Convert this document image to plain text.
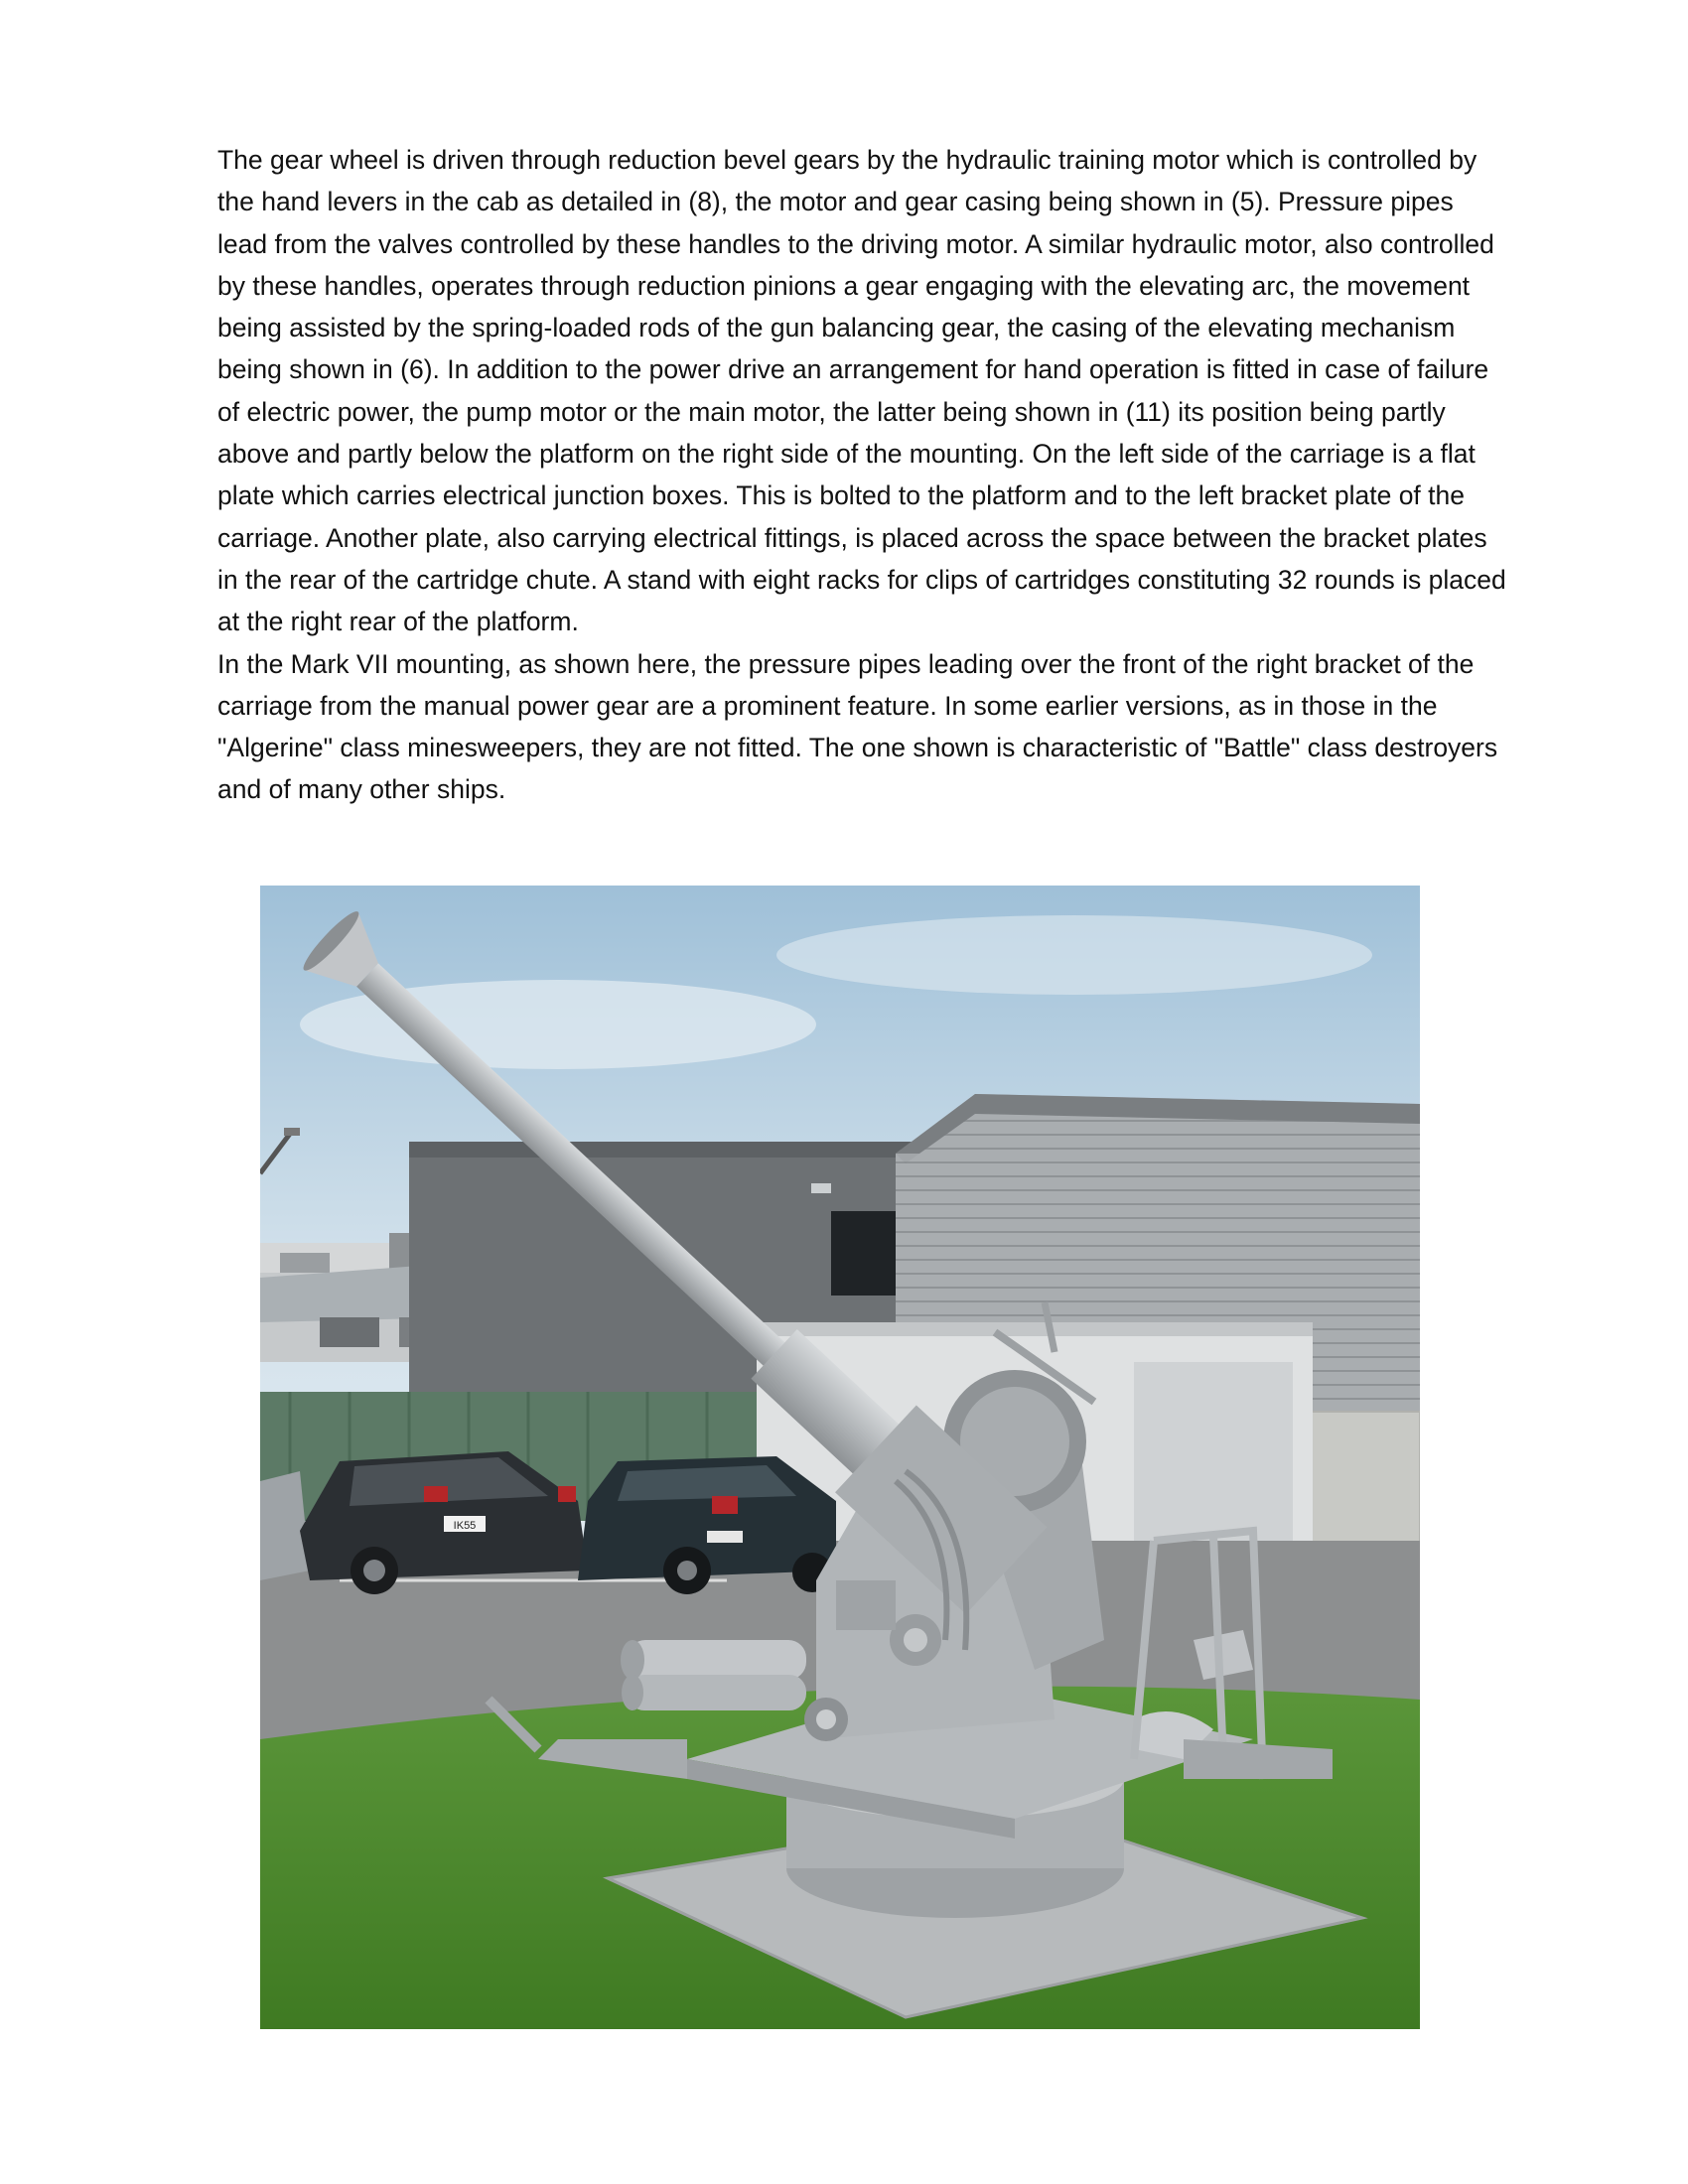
The gear wheel is driven through reduction bevel gears by the hydraulic training motor which is controlled by the hand levers in the cab as detailed in (8), the motor and gear casing being shown in (5). Pressure pipes lead from the valves controlled by these handles to the driving motor. A similar hydraulic motor, also controlled by these handles, operates through reduction pinions a gear engaging with the elevating arc, the movement being assisted by the spring-loaded rods of the gun balancing gear, the casing of the elevating mechanism being shown in (6). In addition to the power drive an arrangement for hand operation is fitted in case of failure of electric power, the pump motor or the main motor, the latter being shown in (11) its position being partly above and partly below the platform on the right side of the mounting. On the left side of the carriage is a flat plate which carries electrical junction boxes. This is bolted to the platform and to the left bracket plate of the carriage. Another plate, also carrying electrical fittings, is placed across the space between the bracket plates in the rear of the cartridge chute. A stand with eight racks for clips of cartridges constituting 32 rounds is placed at the right rear of the platform.

In the Mark VII mounting, as shown here, the pressure pipes leading over the front of the right bracket of the carriage from the manual power gear are a prominent feature. In some earlier versions, as in those in the "Algerine" class minesweepers, they are not fitted. The one shown is characteristic of "Battle" class destroyers and of many other ships.

IK55
